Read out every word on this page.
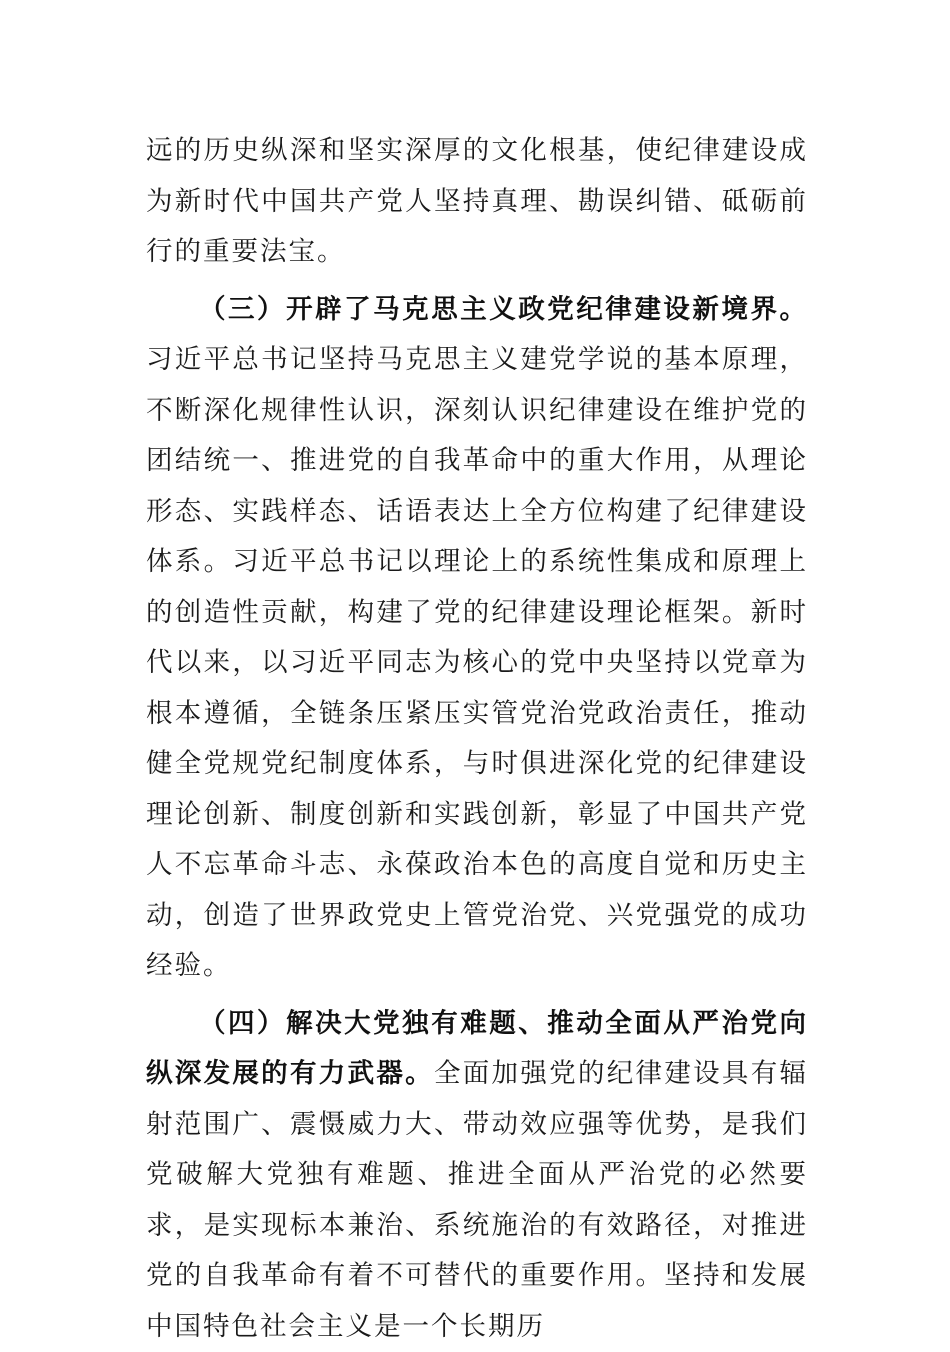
远的历史纵深和坚实深厚的文化根基，使纪律建设成为新时代中国共产党人坚持真理、勘误纠错、砥砺前行的重要法宝。

（三）开辟了马克思主义政党纪律建设新境界。习近平总书记坚持马克思主义建党学说的基本原理，不断深化规律性认识，深刻认识纪律建设在维护党的团结统一、推进党的自我革命中的重大作用，从理论形态、实践样态、话语表达上全方位构建了纪律建设体系。习近平总书记以理论上的系统性集成和原理上的创造性贡献，构建了党的纪律建设理论框架。新时代以来，以习近平同志为核心的党中央坚持以党章为根本遵循，全链条压紧压实管党治党政治责任，推动健全党规党纪制度体系，与时俱进深化党的纪律建设理论创新、制度创新和实践创新，彰显了中国共产党人不忘革命斗志、永葆政治本色的高度自觉和历史主动，创造了世界政党史上管党治党、兴党强党的成功经验。

（四）解决大党独有难题、推动全面从严治党向纵深发展的有力武器。全面加强党的纪律建设具有辐射范围广、震慑威力大、带动效应强等优势，是我们党破解大党独有难题、推进全面从严治党的必然要求，是实现标本兼治、系统施治的有效路径，对推进党的自我革命有着不可替代的重要作用。坚持和发展中国特色社会主义是一个长期历
